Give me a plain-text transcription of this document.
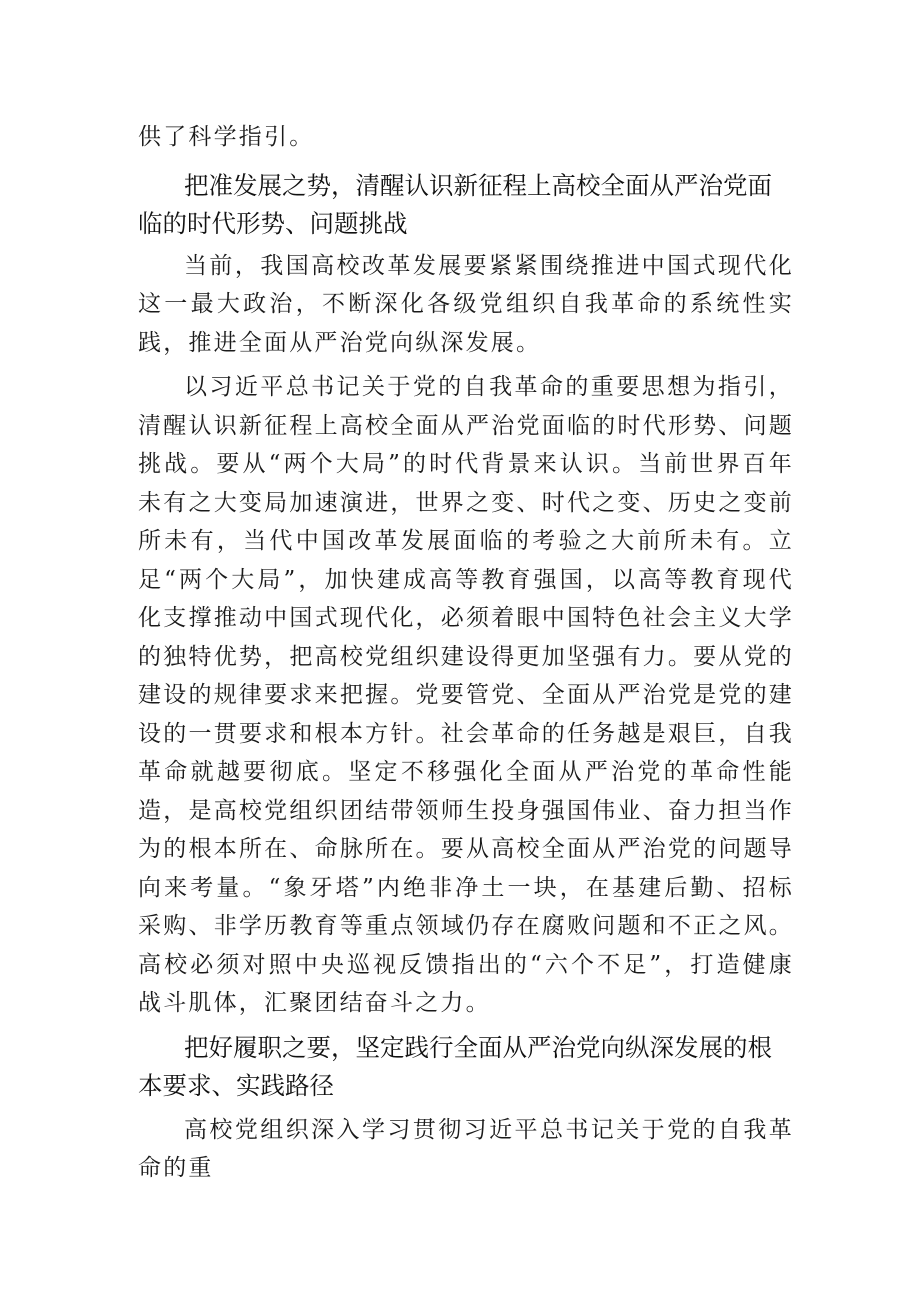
供了科学指引。

把准发展之势，清醒认识新征程上高校全面从严治党面临的时代形势、问题挑战

当前，我国高校改革发展要紧紧围绕推进中国式现代化这一最大政治，不断深化各级党组织自我革命的系统性实践，推进全面从严治党向纵深发展。

以习近平总书记关于党的自我革命的重要思想为指引，清醒认识新征程上高校全面从严治党面临的时代形势、问题挑战。要从“两个大局”的时代背景来认识。当前世界百年未有之大变局加速演进，世界之变、时代之变、历史之变前所未有，当代中国改革发展面临的考验之大前所未有。立足“两个大局”，加快建成高等教育强国，以高等教育现代化支撑推动中国式现代化，必须着眼中国特色社会主义大学的独特优势，把高校党组织建设得更加坚强有力。要从党的建设的规律要求来把握。党要管党、全面从严治党是党的建设的一贯要求和根本方针。社会革命的任务越是艰巨，自我革命就越要彻底。坚定不移强化全面从严治党的革命性能造，是高校党组织团结带领师生投身强国伟业、奋力担当作为的根本所在、命脉所在。要从高校全面从严治党的问题导向来考量。“象牙塔”内绝非净土一块，在基建后勤、招标采购、非学历教育等重点领域仍存在腐败问题和不正之风。高校必须对照中央巡视反馈指出的“六个不足”，打造健康战斗肌体，汇聚团结奋斗之力。

把好履职之要，坚定践行全面从严治党向纵深发展的根本要求、实践路径

高校党组织深入学习贯彻习近平总书记关于党的自我革命的重
